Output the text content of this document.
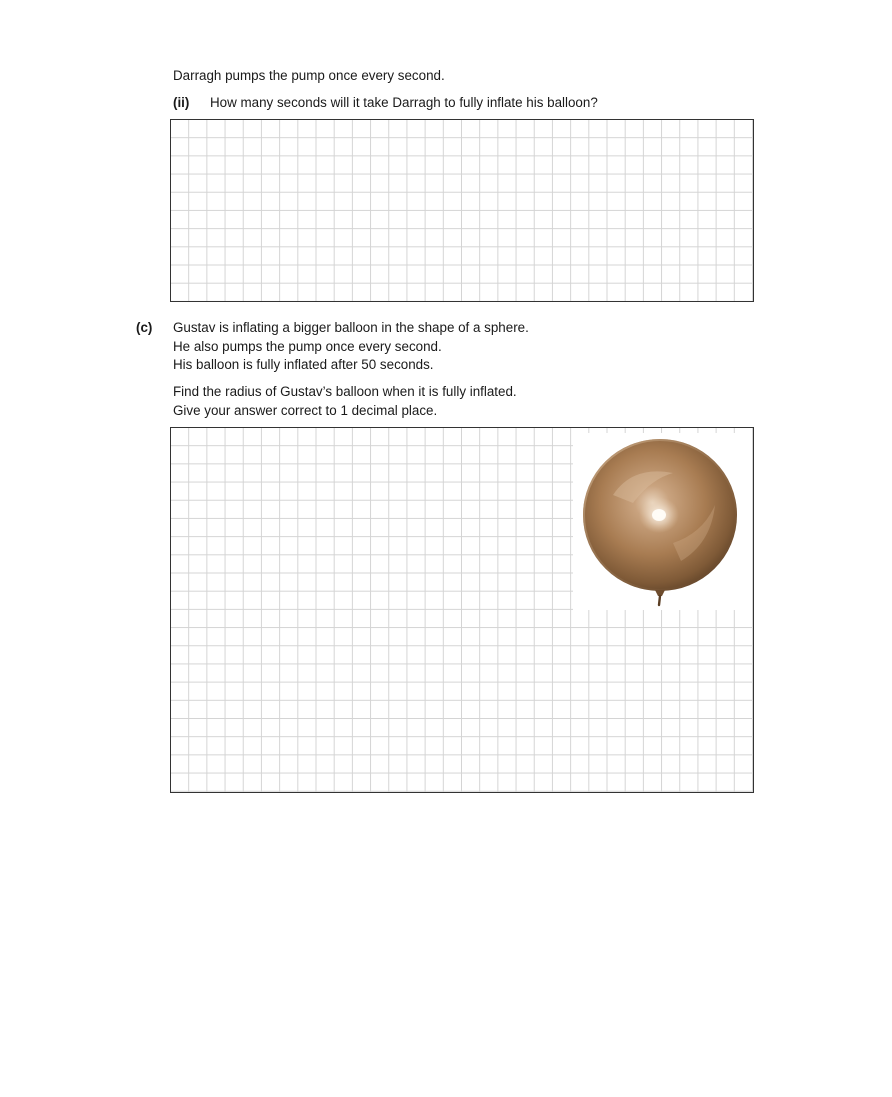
Darragh pumps the pump once every second.
(ii) How many seconds will it take Darragh to fully inflate his balloon?
(c) Gustav is inflating a bigger balloon in the shape of a sphere.
He also pumps the pump once every second.
His balloon is fully inflated after 50 seconds.
Find the radius of Gustav’s balloon when it is fully inflated.
Give your answer correct to 1 decimal place.
